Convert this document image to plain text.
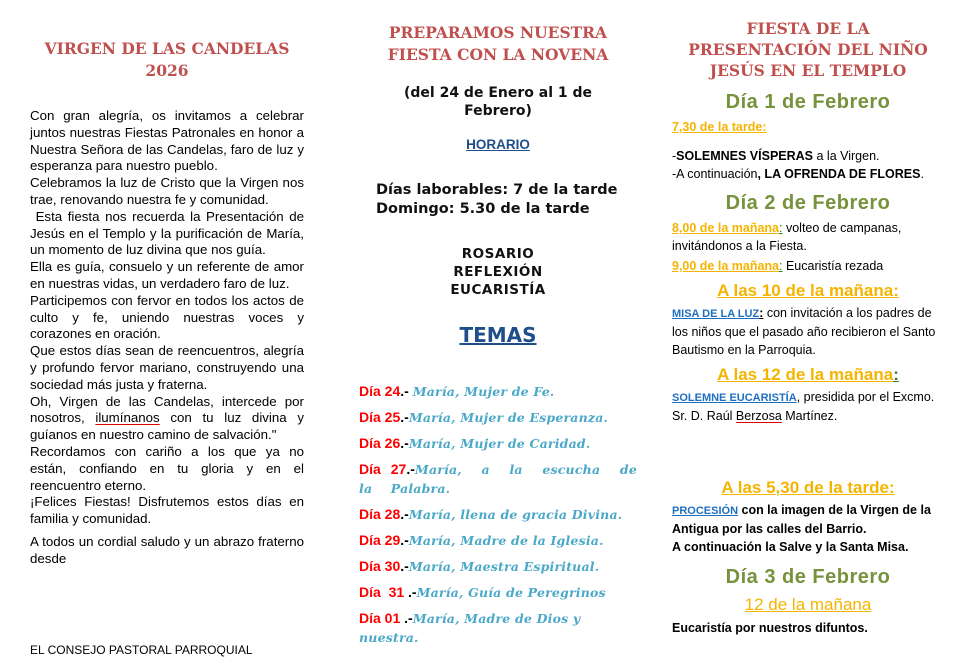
VIRGEN DE LAS CANDELAS
2026

Con gran alegría, os invitamos a celebrar juntos nuestras Fiestas Patronales en honor a Nuestra Señora de las Candelas, faro de luz y esperanza para nuestro pueblo.

Celebramos la luz de Cristo que la Virgen nos trae, renovando nuestra fe y comunidad.

Esta fiesta nos recuerda la Presentación de Jesús en el Templo y la purificación de María, un momento de luz divina que nos guía.

Ella es guía, consuelo y un referente de amor en nuestras vidas, un verdadero faro de luz.

Participemos con fervor en todos los actos de culto y fe, uniendo nuestras voces y corazones en oración.

Que estos días sean de reencuentros, alegría y profundo fervor mariano, construyendo una sociedad más justa y fraterna.

Oh, Virgen de las Candelas, intercede por nosotros, ilumínanos con tu luz divina y guíanos en nuestro camino de salvación."

Recordamos con cariño a los que ya no están, confiando en tu gloria y en el reencuentro eterno.

¡Felices Fiestas! Disfrutemos estos días en familia y comunidad.

A todos un cordial saludo y un abrazo fraterno desde

EL CONSEJO PASTORAL PARROQUIAL
PREPARAMOS NUESTRA
FIESTA CON LA NOVENA
(del 24 de Enero al 1 de
Febrero)
HORARIO
Días laborables: 7 de la tarde
Domingo: 5.30 de la tarde
ROSARIO
REFLEXIÓN
EUCARISTÍA
TEMAS
Día 24.- María, Mujer de Fe.
Día 25.-María, Mujer de Esperanza.
Día 26.-María, Mujer de Caridad.
Día  27.-María, a la escucha de la Palabra.
Día 28.-María, llena de gracia Divina.
Día 29.-María, Madre de la Iglesia.
Día 30.-María, Maestra Espiritual.
Día  31 .-María, Guía de Peregrinos
Día 01 .-María, Madre de Dios y nuestra.
FIESTA DE LA
PRESENTACIÓN DEL NIÑO
JESÚS EN EL TEMPLO
Día 1 de Febrero
7,30 de la tarde:
-SOLEMNES VÍSPERAS a la Virgen.
-A continuación, LA OFRENDA DE FLORES.
Día 2 de Febrero
8,00 de la mañana: volteo de campanas, invitándonos a la Fiesta.
9,00 de la mañana: Eucaristía rezada
A las 10 de la mañana:
MISA DE LA LUZ: con invitación a los padres de los niños que el pasado año recibieron el Santo Bautismo en la Parroquia.
A las 12 de la mañana:
SOLEMNE EUCARISTÍA, presidida por el Excmo. Sr. D. Raúl Berzosa Martínez.
A las 5,30 de la tarde:
PROCESIÓN con la imagen de la Virgen de la Antigua por las calles del Barrio.
A continuación la Salve y la Santa Misa.
Día 3 de Febrero
12 de la mañana
Eucaristía por nuestros difuntos.
